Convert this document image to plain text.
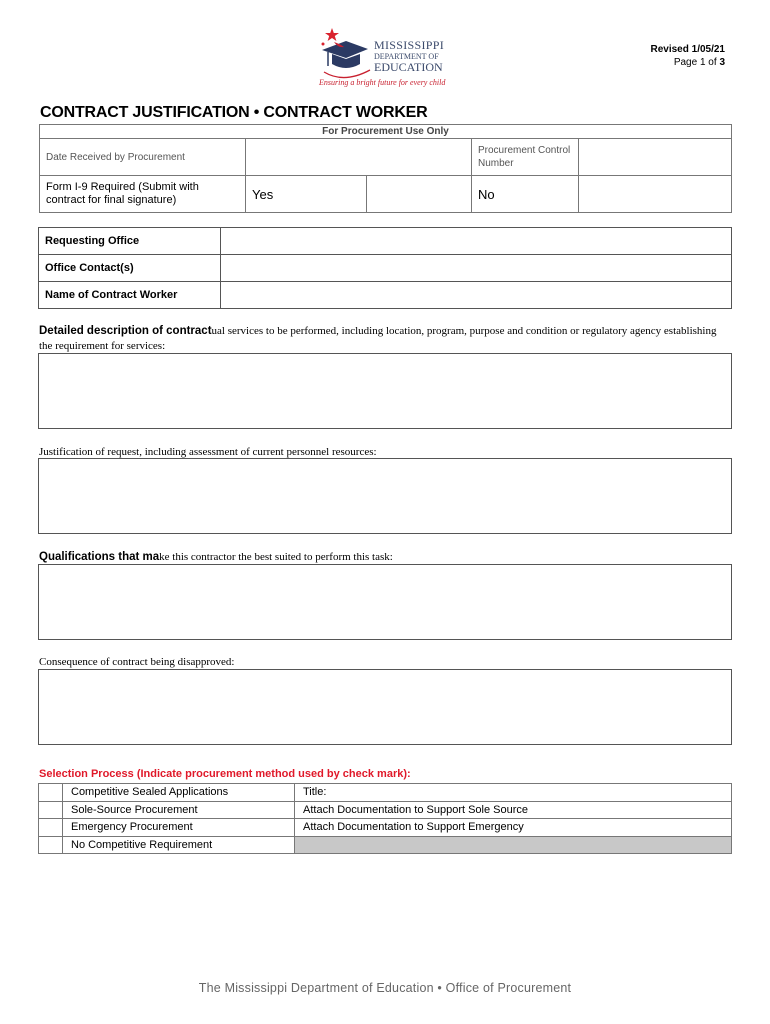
MISSISSIPPI
DEPARTMENT OF
EDUCATION
Ensuring a bright future for every child
Revised 1/05/21
Page 1 of 3
CONTRACT JUSTIFICATION • CONTRACT WORKER
For Procurement Use Only			
Date Received by Procurement		Procurement Control Number	
Form I-9 Required (Submit with contract for final signature)	Yes	No	
Requesting Office	
Office Contact(s)	
Name of Contract Worker	
Detailed description of contractual services to be performed, including location, program, purpose and condition or regulatory agency establishing the requirement for services:
Justification of request, including assessment of current personnel resources:
Qualifications that make this contractor the best suited to perform this task:
Consequence of contract being disapproved:
Selection Process (Indicate procurement method used by check mark):
	Competitive Sealed Applications	Title:
	Sole-Source Procurement	Attach Documentation to Support Sole Source
	Emergency Procurement	Attach Documentation to Support Emergency
	No Competitive Requirement	
The Mississippi Department of Education • Office of Procurement
